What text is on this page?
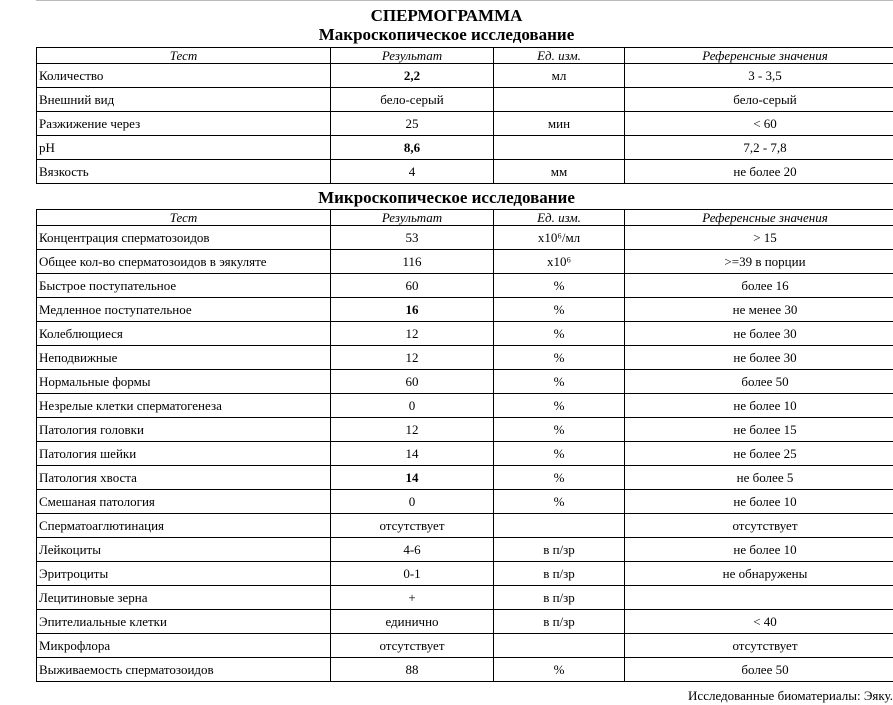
СПЕРМОГРАММА
Макроскопическое исследование
Тест	Результат	Ед. изм.	Референсные значения
Количество	2,2	мл	3 - 3,5
Внешний вид	бело-серый		бело-серый
Разжижение через	25	мин	< 60
pH	8,6		7,2 - 7,8
Вязкость	4	мм	не более 20
Микроскопическое исследование
Тест	Результат	Ед. изм.	Референсные значения
Концентрация сперматозоидов	53	x10⁶/мл	> 15
Общее кол-во сперматозоидов в эякуляте	116	x10⁶	>=39 в порции
Быстрое поступательное	60	%	более 16
Медленное поступательное	16	%	не менее 30
Колеблющиеся	12	%	не более 30
Неподвижные	12	%	не более 30
Нормальные формы	60	%	более 50
Незрелые клетки сперматогенеза	0	%	не более 10
Патология головки	12	%	не более 15
Патология шейки	14	%	не более 25
Патология хвоста	14	%	не более 5
Смешаная патология	0	%	не более 10
Сперматоаглютинация	отсутствует		отсутствует
Лейкоциты	4-6	в п/зр	не более 10
Эритроциты	0-1	в п/зр	не обнаружены
Лецитиновые зерна	+	в п/зр	
Эпителиальные клетки	единично	в п/зр	< 40
Микрофлора	отсутствует		отсутствует
Выживаемость сперматозоидов	88	%	более 50
Исследованные биоматериалы: Эяку.
